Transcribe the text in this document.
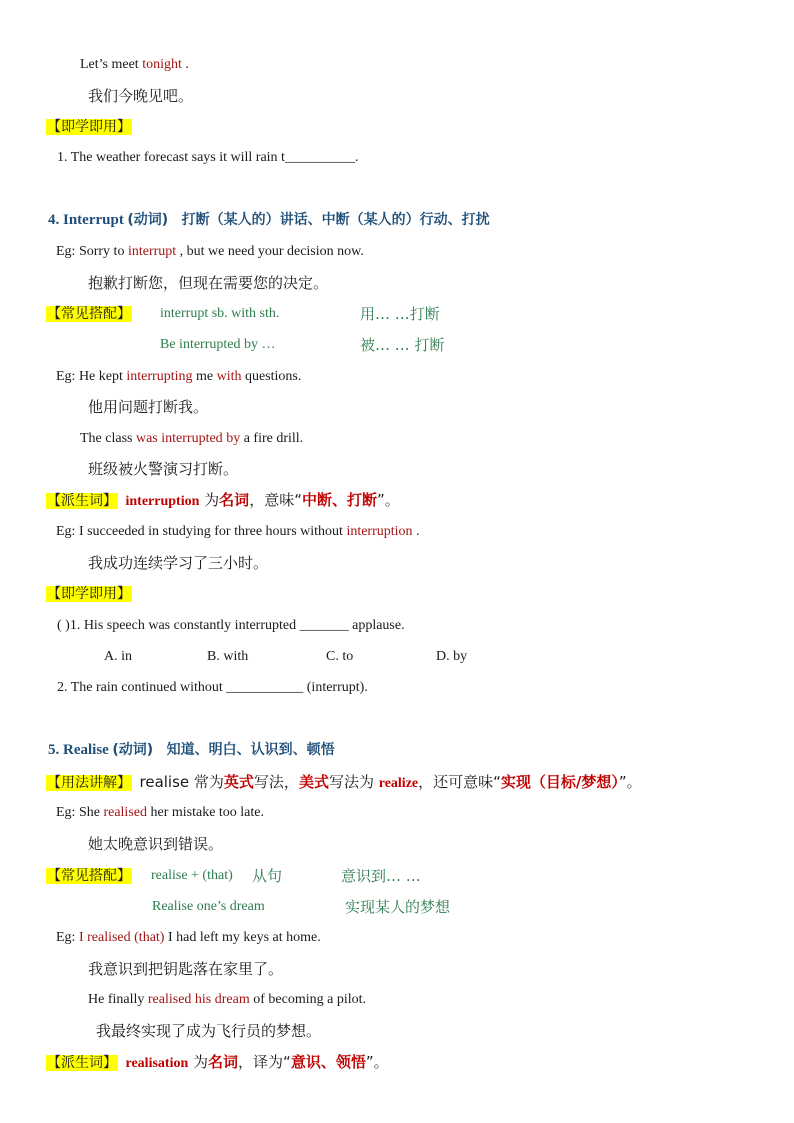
Let’s meet tonight .
我们今晚见吧。
【即学即用】
1. The weather forecast says it will rain t__________.
4. Interrupt (动词) 打断（某人的）讲话、中断（某人的）行动、打扰
Eg: Sorry to interrupt , but we need your decision now.
抱歉打断您，但现在需要您的决定。
【常见搭配】 interrupt sb. with sth.	用… …打断
Be interrupted by …	被… … 打断
Eg: He kept interrupting me with questions.
他用问题打断我。
The class was interrupted by a fire drill.
班级被火警演习打断。
【派生词】 interruption 为名词，意味“中断、打断”。
Eg: I succeeded in studying for three hours without interruption .
我成功连续学习了三小时。
【即学即用】
( )1. His speech was constantly interrupted _______ applause.
A. in	B. with	C. to	D. by
2. The rain continued without ___________ (interrupt).
5. Realise (动词) 知道、明白、认识到、顿悟
【用法讲解】 realise 常为英式写法，美式写法为 realize，还可意味“实现（目标/梦想）”。
Eg: She realised her mistake too late.
她太晚意识到错误。
【常见搭配】 realise + (that) 从句	意识到… …
Realise one’s dream	实现某人的梦想
Eg: I realised (that) I had left my keys at home.
我意识到把钥匙落在家里了。
He finally realised his dream of becoming a pilot.
我最终实现了成为飞行员的梦想。
【派生词】 realisation 为名词，译为“意识、领悟”。
